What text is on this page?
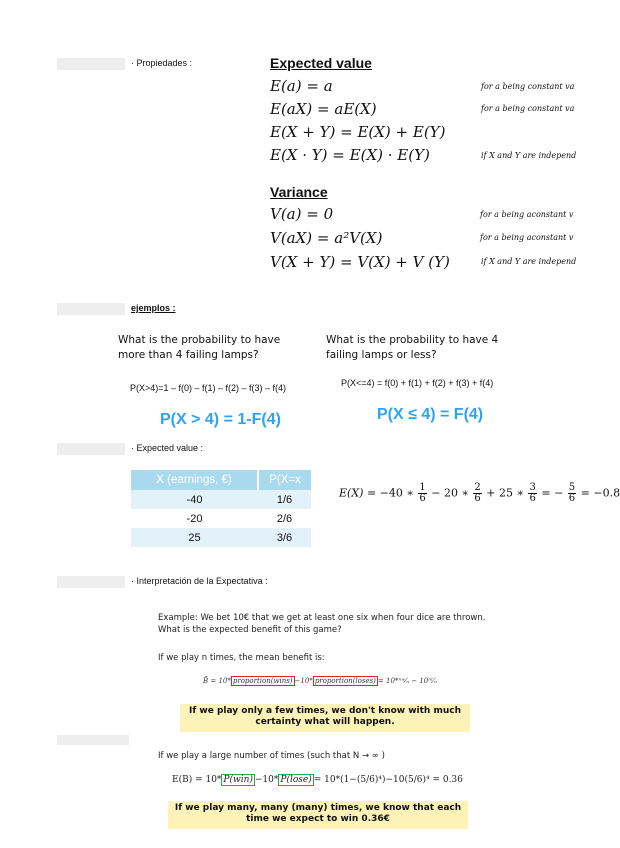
· Propiedades :	Expected value
E(a) = a	for a being constant va
E(aX) = aE(X)	for a being constant va
E(X + Y) = E(X) + E(Y)
E(X · Y) = E(X) · E(Y)	if X and Y are independ
Variance
V(a) = 0	for a being aconstant v
V(aX) = a²V(X)	for a being aconstant v
V(X + Y) = V(X) + V (Y)	if X and Y are independ
ejemplos :
What is the probability to have more than 4 failing lamps?
What is the probability to have 4 failing lamps or less?
P(X>4)=1 – f(0) – f(1) – f(2) – f(3) – f(4)	P(X<=4) = f(0) + f(1) + f(2) + f(3) + f(4)
P(X > 4) = 1-F(4)	P(X ≤ 4) = F(4)
· Expected value :
X (earnings, €)	P(X=x
-40	1/6
-20	2/6
25	3/6
E(X) = −40 ∗ $\frac{1}{6} - 20$ ∗ $\frac{2}{6} + 25$ ∗ $\frac{3}{6}$ = − $\frac{5}{6} = -0.8$
· Interpretación de la Expectativa :
Example: We bet 10€ that we get at least one six when four dice are thrown. What is the expected benefit of this game?
If we play n times, the mean benefit is:
B̄ = 10* proportion(wins) −10* proportion(loses) = 10*ⁿʷ⁄ₙ − 10ⁿˡ⁄ₙ
If we play only a few times, we don't know with much certainty what will happen.
If we play a large number of times (such that N → ∞ )
E(B) = 10* P(win) −10* P(lose) = 10*(1−(5/6)⁴)−10(5/6)⁴ = 0.36
If we play many, many (many) times, we know that each time we expect to win 0.36€
